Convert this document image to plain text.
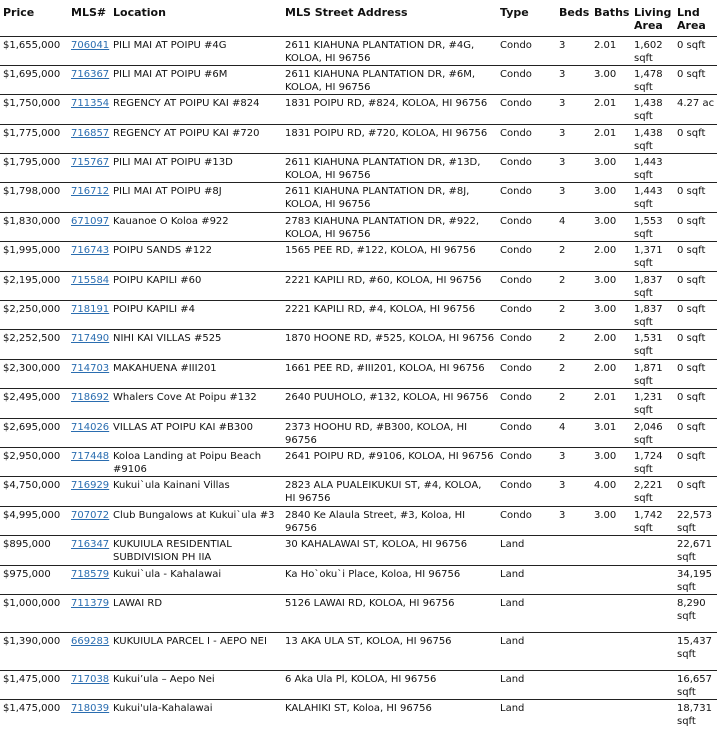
Price	MLS#	Location	MLS Street Address	Type	Beds	Baths	Living Area	Lnd Area
$1,655,000	706041	PILI MAI AT POIPU #4G	2611 KIAHUNA PLANTATION DR, #4G, KOLOA, HI 96756	Condo	3	2.01	1,602 sqft	0 sqft
$1,695,000	716367	PILI MAI AT POIPU #6M	2611 KIAHUNA PLANTATION DR, #6M, KOLOA, HI 96756	Condo	3	3.00	1,478 sqft	0 sqft
$1,750,000	711354	REGENCY AT POIPU KAI #824	1831 POIPU RD, #824, KOLOA, HI 96756	Condo	3	2.01	1,438 sqft	4.27 ac
$1,775,000	716857	REGENCY AT POIPU KAI #720	1831 POIPU RD, #720, KOLOA, HI 96756	Condo	3	2.01	1,438 sqft	0 sqft
$1,795,000	715767	PILI MAI AT POIPU #13D	2611 KIAHUNA PLANTATION DR, #13D, KOLOA, HI 96756	Condo	3	3.00	1,443 sqft	
$1,798,000	716712	PILI MAI AT POIPU #8J	2611 KIAHUNA PLANTATION DR, #8J, KOLOA, HI 96756	Condo	3	3.00	1,443 sqft	0 sqft
$1,830,000	671097	Kauanoe O Koloa #922	2783 KIAHUNA PLANTATION DR, #922, KOLOA, HI 96756	Condo	4	3.00	1,553 sqft	0 sqft
$1,995,000	716743	POIPU SANDS #122	1565 PEE RD, #122, KOLOA, HI 96756	Condo	2	2.00	1,371 sqft	0 sqft
$2,195,000	715584	POIPU KAPILI #60	2221 KAPILI RD, #60, KOLOA, HI 96756	Condo	2	3.00	1,837 sqft	0 sqft
$2,250,000	718191	POIPU KAPILI #4	2221 KAPILI RD, #4, KOLOA, HI 96756	Condo	2	3.00	1,837 sqft	0 sqft
$2,252,500	717490	NIHI KAI VILLAS #525	1870 HOONE RD, #525, KOLOA, HI 96756	Condo	2	2.00	1,531 sqft	0 sqft
$2,300,000	714703	MAKAHUENA #III201	1661 PEE RD, #III201, KOLOA, HI 96756	Condo	2	2.00	1,871 sqft	0 sqft
$2,495,000	718692	Whalers Cove At Poipu #132	2640 PUUHOLO, #132, KOLOA, HI 96756	Condo	2	2.01	1,231 sqft	0 sqft
$2,695,000	714026	VILLAS AT POIPU KAI #B300	2373 HOOHU RD, #B300, KOLOA, HI 96756	Condo	4	3.01	2,046 sqft	0 sqft
$2,950,000	717448	Koloa Landing at Poipu Beach #9106	2641 POIPU RD, #9106, KOLOA, HI 96756	Condo	3	3.00	1,724 sqft	0 sqft
$4,750,000	716929	Kukui`ula Kainani Villas	2823 ALA PUALEIKUKUI ST, #4, KOLOA, HI 96756	Condo	3	4.00	2,221 sqft	0 sqft
$4,995,000	707072	Club Bungalows at Kukui`ula #3	2840 Ke Alaula Street, #3, Koloa, HI 96756	Condo	3	3.00	1,742 sqft	22,573 sqft
$895,000	716347	KUKUIULA RESIDENTIAL SUBDIVISION PH IIA	30 KAHALAWAI ST, KOLOA, HI 96756	Land				22,671 sqft
$975,000	718579	Kukui`ula - Kahalawai	Ka Ho`oku`i Place, Koloa, HI 96756	Land				34,195 sqft
$1,000,000	711379	LAWAI RD	5126 LAWAI RD, KOLOA, HI 96756	Land				8,290 sqft
$1,390,000	669283	KUKUIULA PARCEL I - AEPO NEI	13 AKA ULA ST, KOLOA, HI 96756	Land				15,437 sqft
$1,475,000	717038	Kukui’ula – Aepo Nei	6 Aka Ula Pl, KOLOA, HI 96756	Land				16,657 sqft
$1,475,000	718039	Kukui'ula-Kahalawai	KALAHIKI ST, Koloa, HI 96756	Land				18,731 sqft
